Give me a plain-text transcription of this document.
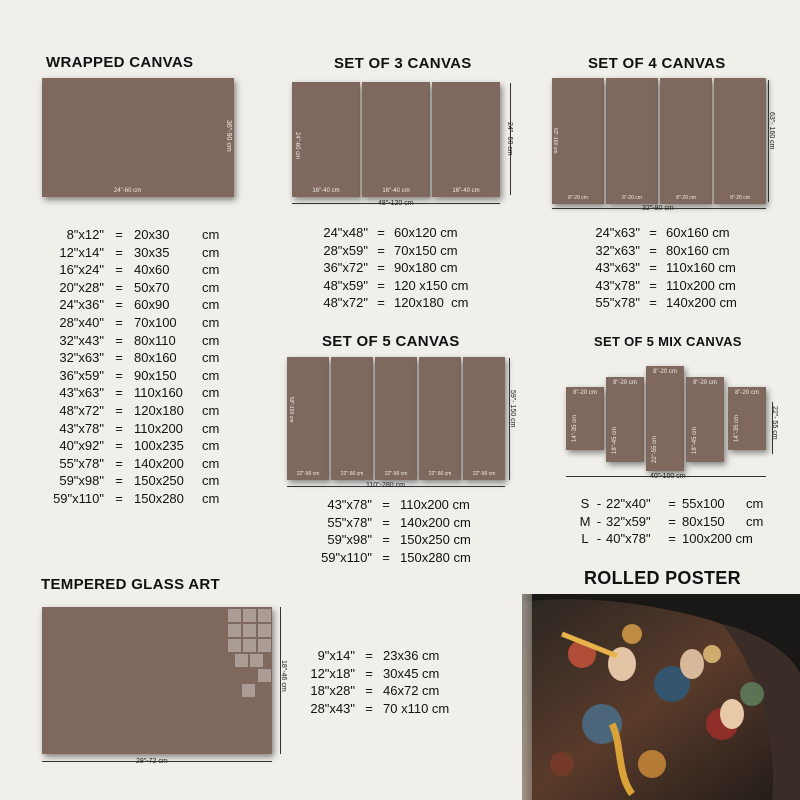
WRAPPED CANVAS
24"-60 cm
36"-90 cm
8"x12" = 20x30	cm
12"x14" = 30x35	cm
16"x24" = 40x60	cm
20"x28" = 50x70	cm
24"x36" = 60x90	cm
28"x40" = 70x100 cm
32"x43" = 80x110 cm
32"x63" = 80x160 cm
36"x59" = 90x150 cm
43"x63" = 110x160 cm
48"x72" = 120x180 cm
43"x78" = 110x200 cm
40"x92" = 100x235 cm
55"x78" = 140x200 cm
59"x98" = 150x250 cm
59"x110" = 150x280 cm
SET OF 3 CANVAS
16"-40 cm
24"-60 cm
16"-40 cm	16"-40 cm
48"-120 cm
24"- 60 cm
24"x48" = 60x120 cm
28"x59" = 70x150 cm
36"x72" = 90x180 cm
48"x59" = 120 x150 cm
48"x72" = 120x180  cm
SET OF 4 CANVAS
8"-20 cm
63"-160 cm
8"-20 cm	8"-20 cm	8"-20 cm
32"-80 cm
63"- 160 cm
24"x63" = 60x160 cm
32"x63" = 80x160 cm
43"x63" = 110x160 cm
43"x78" = 110x200 cm
55"x78" = 140x200 cm
SET OF 5 CANVAS
22"-56 cm
59"-150 cm
22"-56 cm	22"-56 cm	22"-56 cm	22"-56 cm
110"-280 cm
59"- 150 cm
43"x78" = 110x200 cm
55"x78" = 140x200 cm
59"x98" = 150x250 cm
59"x110" = 150x280 cm
SET OF 5 MIX CANVAS
8"-20 cm
14"-35 cm
8"-20 cm
18"-45 cm
8"-20 cm
22"-55 cm
8"-20 cm
18"-45 cm
8"-20 cm
14"-35 cm
40"-100 cm
22"- 55 cm
S - 22"x40" = 55x100 cm
M - 32"x59" = 80x150 cm
L - 40"x78" = 100x200 cm
TEMPERED GLASS ART
28"-72 cm
18"-46 cm
9"x14" = 23x36 cm
12"x18" = 30x45 cm
18"x28" = 46x72 cm
28"x43" = 70 x110 cm
ROLLED POSTER
